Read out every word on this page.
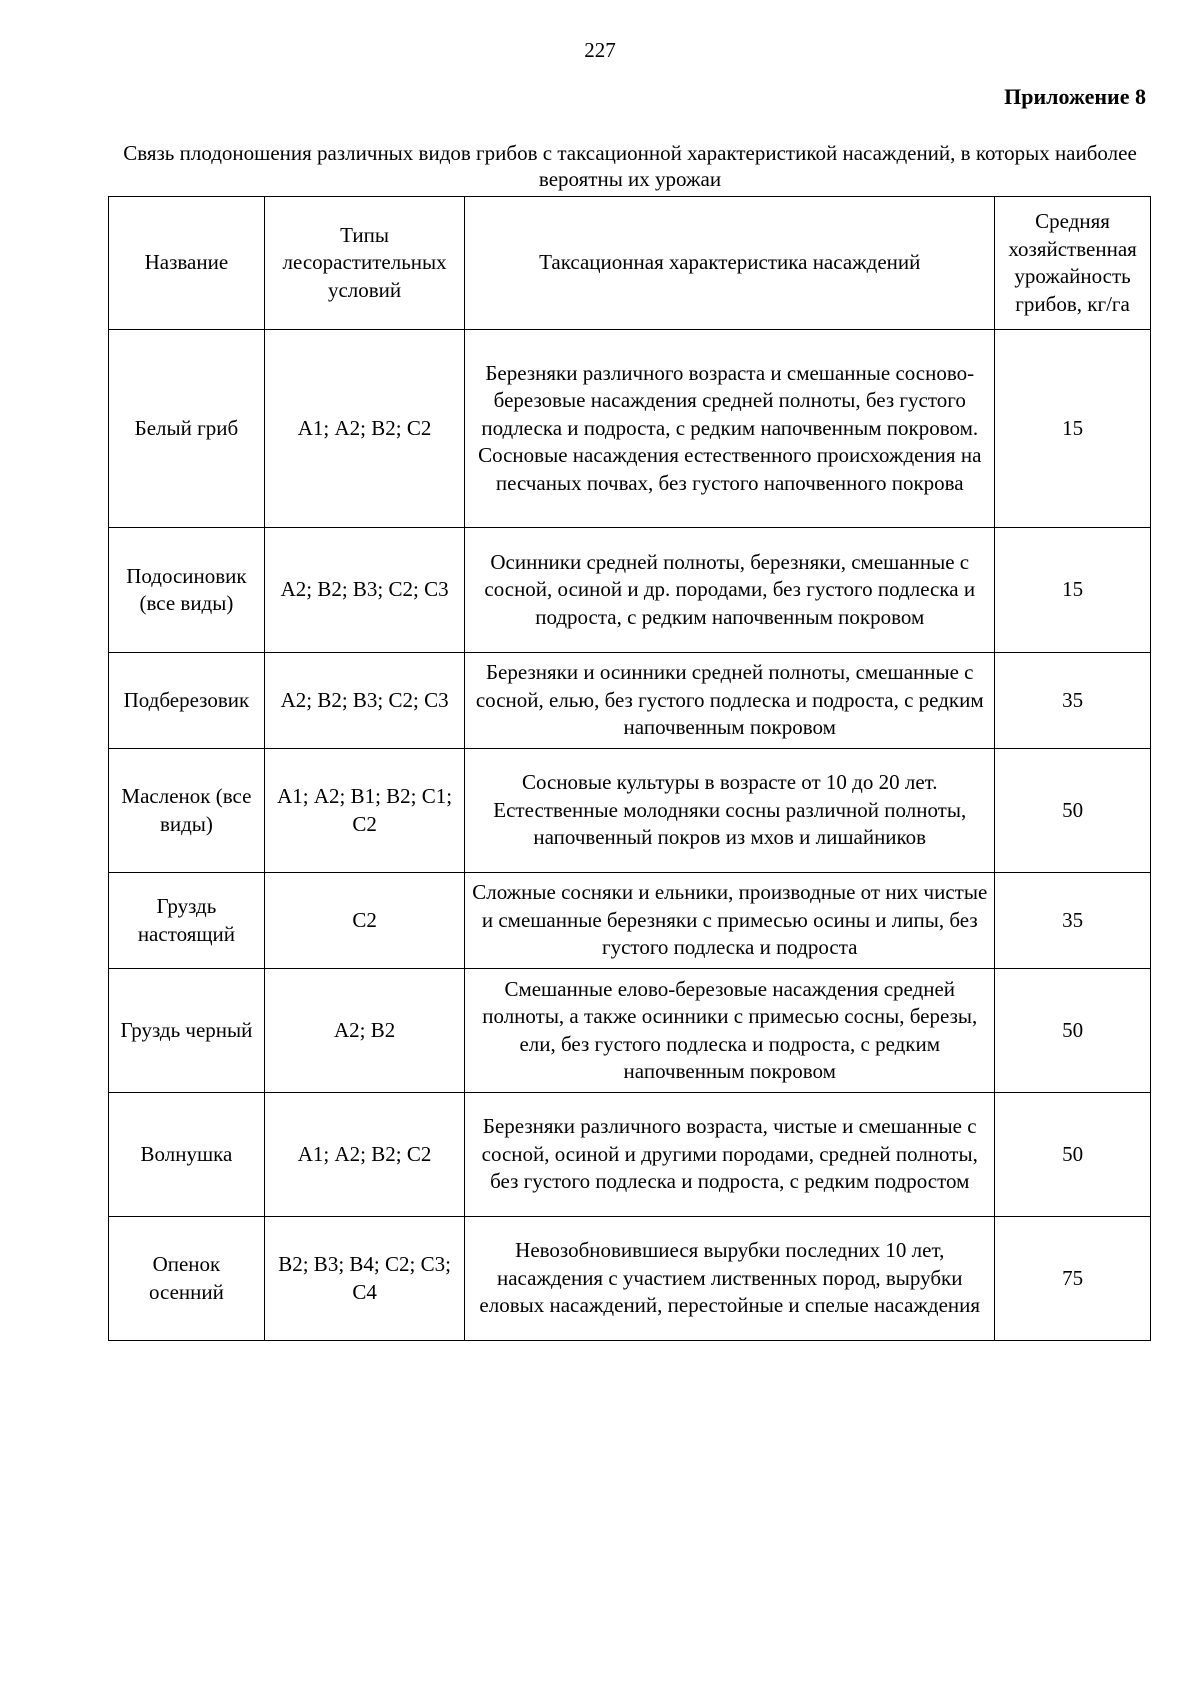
227
Приложение 8
Связь плодоношения различных видов грибов с таксационной характеристикой насаждений, в которых наиболее вероятны их урожаи
Название	Типы лесорастительных условий	Таксационная характеристика насаждений	Средняя хозяйственная урожайность грибов, кг/га
Белый гриб	А1; А2; В2; С2	Березняки различного возраста и смешанные сосново-березовые насаждения средней полноты, без густого подлеска и подроста, с редким напочвенным покровом. Сосновые насаждения естественного происхождения на песчаных почвах, без густого напочвенного покрова	15
Подосиновик (все виды)	А2; В2; В3; С2; С3	Осинники средней полноты, березняки, смешанные с сосной, осиной и др. породами, без густого подлеска и подроста, с редким напочвенным покровом	15
Подберезовик	А2; В2; В3; С2; С3	Березняки и осинники средней полноты, смешанные с сосной, елью, без густого подлеска и подроста, с редким напочвенным покровом	35
Масленок (все виды)	А1; А2; В1; В2; С1; С2	Сосновые культуры в возрасте от 10 до 20 лет. Естественные молодняки сосны различной полноты, напочвенный покров из мхов и лишайников	50
Груздь настоящий	С2	Сложные сосняки и ельники, производные от них чистые и смешанные березняки с примесью осины и липы, без густого подлеска и подроста	35
Груздь черный	А2; В2	Смешанные елово-березовые насаждения средней полноты, а также осинники с примесью сосны, березы, ели, без густого подлеска и подроста, с редким напочвенным покровом	50
Волнушка	А1; А2; В2; С2	Березняки различного возраста, чистые и смешанные с сосной, осиной и другими породами, средней полноты, без густого подлеска и подроста, с редким подростом	50
Опенок осенний	В2; В3; В4; С2; С3; С4	Невозобновившиеся вырубки последних 10 лет, насаждения с участием лиственных пород, вырубки еловых насаждений, перестойные и спелые насаждения	75
